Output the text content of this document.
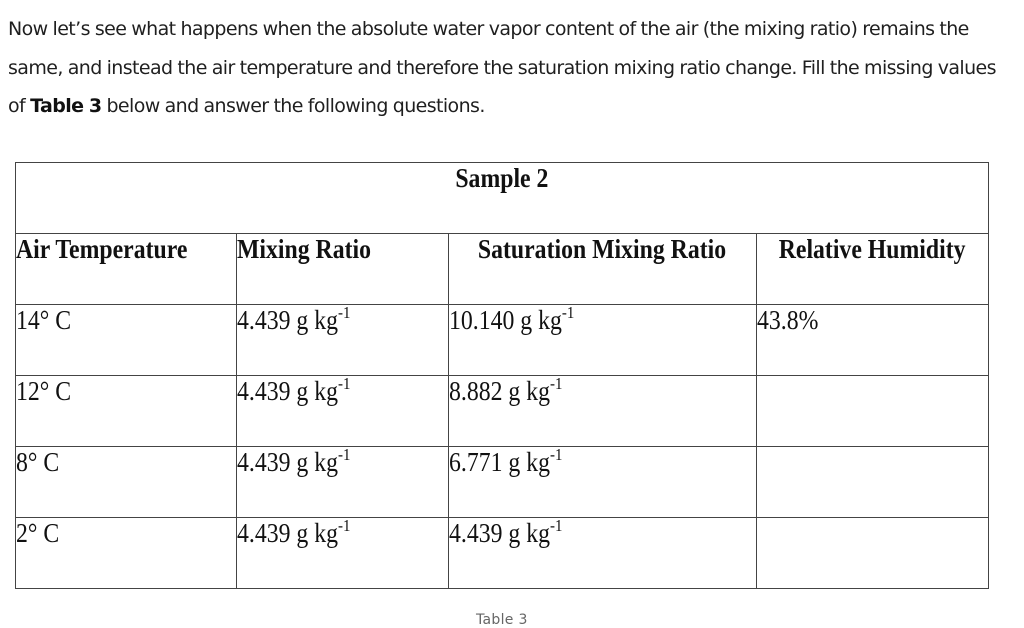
Now let’s see what happens when the absolute water vapor content of the air (the mixing ratio) remains the same, and instead the air temperature and therefore the saturation mixing ratio change. Fill the missing values of Table 3 below and answer the following questions.

Sample 2			
Air Temperature	Mixing Ratio	Saturation Mixing Ratio	Relative Humidity
14° C	4.439 g $kg^{-1}$	10.140 g $kg^{-1}$	43.8%
12° C	4.439 g $kg^{-1}$	8.882 g $kg^{-1}$	
8° C	4.439 g $kg^{-1}$	6.771 g $kg^{-1}$	
2° C	4.439 g $kg^{-1}$	4.439 g $kg^{-1}$	
Table 3
